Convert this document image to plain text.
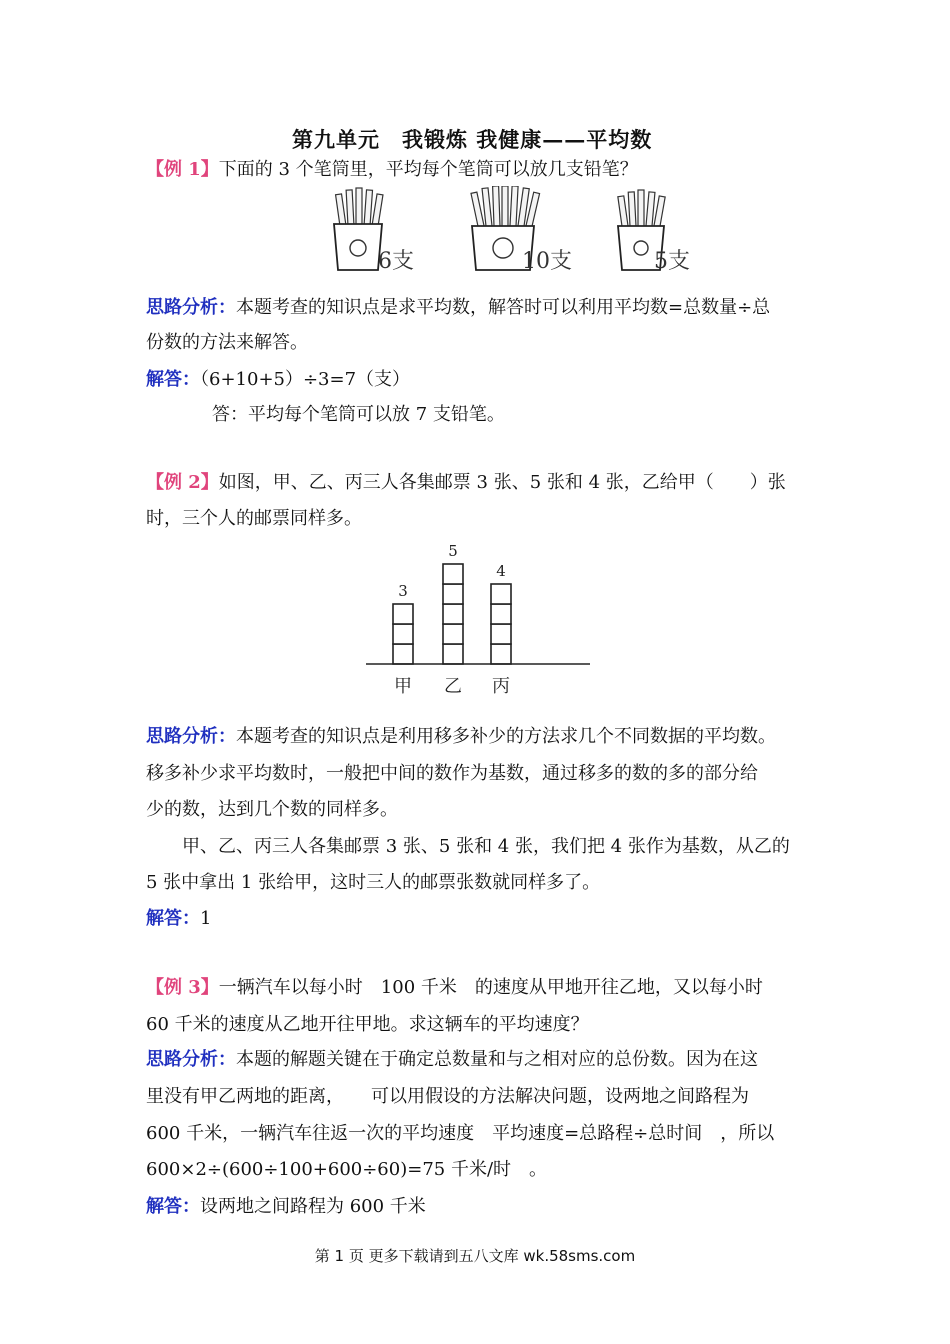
第九单元　我锻炼 我健康——平均数
【例 1】下面的 3 个笔筒里，平均每个笔筒可以放几支铅笔？
6支	10支	5支
思路分析：本题考查的知识点是求平均数，解答时可以利用平均数=总数量÷总
份数的方法来解答。
解答：（6+10+5）÷3=7（支）
答：平均每个笔筒可以放 7 支铅笔。
【例 2】如图，甲、乙、丙三人各集邮票 3 张、5 张和 4 张，乙给甲（　　）张
时，三个人的邮票同样多。
3
甲
5
乙
4
丙
思路分析：本题考查的知识点是利用移多补少的方法求几个不同数据的平均数。
移多补少求平均数时，一般把中间的数作为基数，通过移多的数的多的部分给
少的数，达到几个数的同样多。
甲、乙、丙三人各集邮票 3 张、5 张和 4 张，我们把 4 张作为基数，从乙的
5 张中拿出 1 张给甲，这时三人的邮票张数就同样多了。
解答：1
【例 3】一辆汽车以每小时　100 千米　的速度从甲地开往乙地，又以每小时
60 千米的速度从乙地开往甲地。求这辆车的平均速度？
思路分析：本题的解题关键在于确定总数量和与之相对应的总份数。因为在这
里没有甲乙两地的距离，　　可以用假设的方法解决问题，设两地之间路程为
600 千米，一辆汽车往返一次的平均速度　平均速度=总路程÷总时间　，所以
600×2÷(600÷100+600÷60)=75 千米/时　。
解答：设两地之间路程为 600 千米
第 1 页 更多下载请到五八文库 wk.58sms.com
